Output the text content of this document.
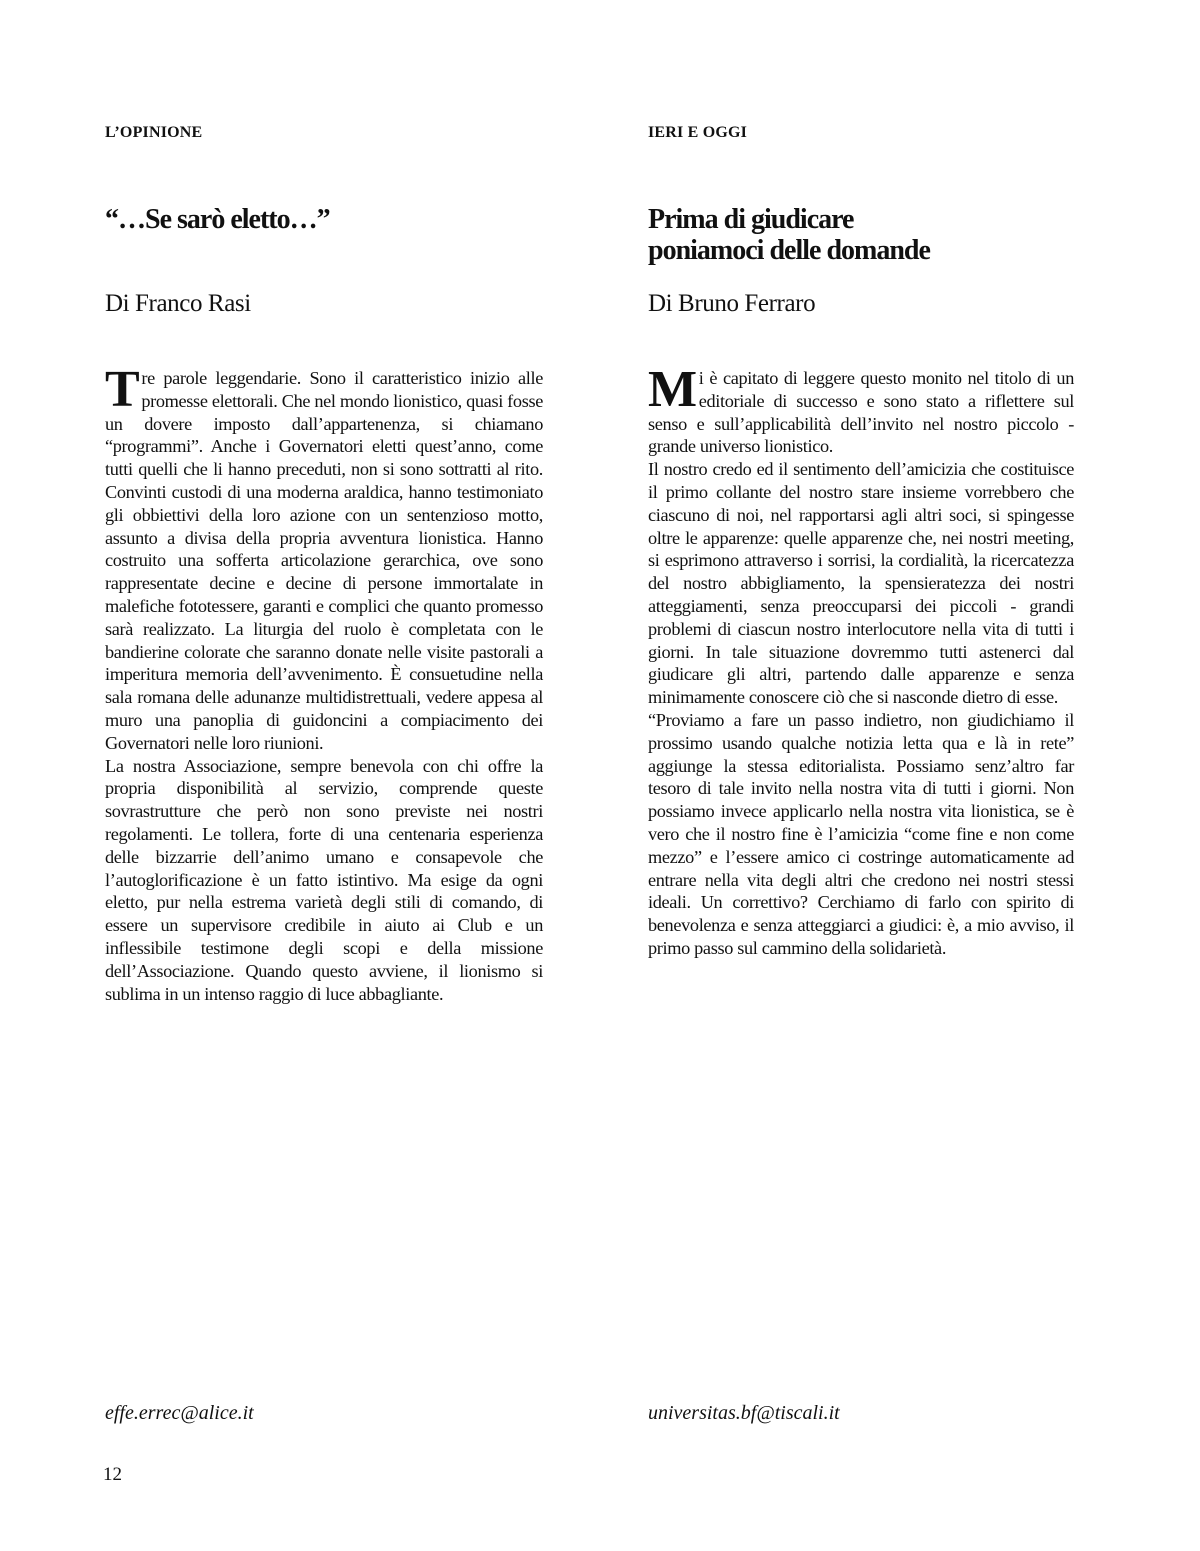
L’OPINIONE
“…Se sarò eletto…”
Di Franco Rasi

Tre parole leggendarie. Sono il caratteristico inizio alle promesse elettorali. Che nel mondo lionistico, quasi fosse un dovere imposto dall’appartenenza, si chiamano “programmi”. Anche i Governatori eletti quest’anno, come tutti quelli che li hanno preceduti, non si sono sottratti al rito. Convinti custodi di una moderna araldica, hanno testimoniato gli obbiettivi della loro azione con un sentenzioso motto, assunto a divisa della propria avventura lionistica. Hanno costruito una sofferta articolazione gerarchica, ove sono rappresentate decine e decine di persone immortalate in malefiche fototessere, garanti e complici che quanto promesso sarà realizzato. La liturgia del ruolo è completata con le bandierine colorate che saranno donate nelle visite pastorali a imperitura memoria dell’avvenimento. È consuetudine nella sala romana delle adunanze multidistrettuali, vedere appesa al muro una panoplia di guidoncini a compiacimento dei Governatori nelle loro riunioni.

La nostra Associazione, sempre benevola con chi offre la propria disponibilità al servizio, comprende queste sovrastrutture che però non sono previste nei nostri regolamenti. Le tollera, forte di una centenaria esperienza delle bizzarrie dell’animo umano e consapevole che l’autoglorificazione è un fatto istintivo. Ma esige da ogni eletto, pur nella estrema varietà degli stili di comando, di essere un supervisore credibile in aiuto ai Club e un inflessibile testimone degli scopi e della missione dell’Associazione. Quando questo avviene, il lionismo si sublima in un intenso raggio di luce abbagliante.

effe.errec@alice.it
IERI E OGGI
Prima di giudicare
poniamoci delle domande
Di Bruno Ferraro

Mi è capitato di leggere questo monito nel titolo di un editoriale di successo e sono stato a riflettere sul senso e sull’applicabilità dell’invito nel nostro piccolo - grande universo lionistico.

Il nostro credo ed il sentimento dell’amicizia che costituisce il primo collante del nostro stare insieme vorrebbero che ciascuno di noi, nel rapportarsi agli altri soci, si spingesse oltre le apparenze: quelle apparenze che, nei nostri meeting, si esprimono attraverso i sorrisi, la cordialità, la ricercatezza del nostro abbigliamento, la spensieratezza dei nostri atteggiamenti, senza preoccuparsi dei piccoli - grandi problemi di ciascun nostro interlocutore nella vita di tutti i giorni. In tale situazione dovremmo tutti astenerci dal giudicare gli altri, partendo dalle apparenze e senza minimamente conoscere ciò che si nasconde dietro di esse.

“Proviamo a fare un passo indietro, non giudichiamo il prossimo usando qualche notizia letta qua e là in rete” aggiunge la stessa editorialista. Possiamo senz’altro far tesoro di tale invito nella nostra vita di tutti i giorni. Non possiamo invece applicarlo nella nostra vita lionistica, se è vero che il nostro fine è l’amicizia “come fine e non come mezzo” e l’essere amico ci costringe automaticamente ad entrare nella vita degli altri che credono nei nostri stessi ideali. Un correttivo? Cerchiamo di farlo con spirito di benevolenza e senza atteggiarci a giudici: è, a mio avviso, il primo passo sul cammino della solidarietà.

universitas.bf@tiscali.it
12
